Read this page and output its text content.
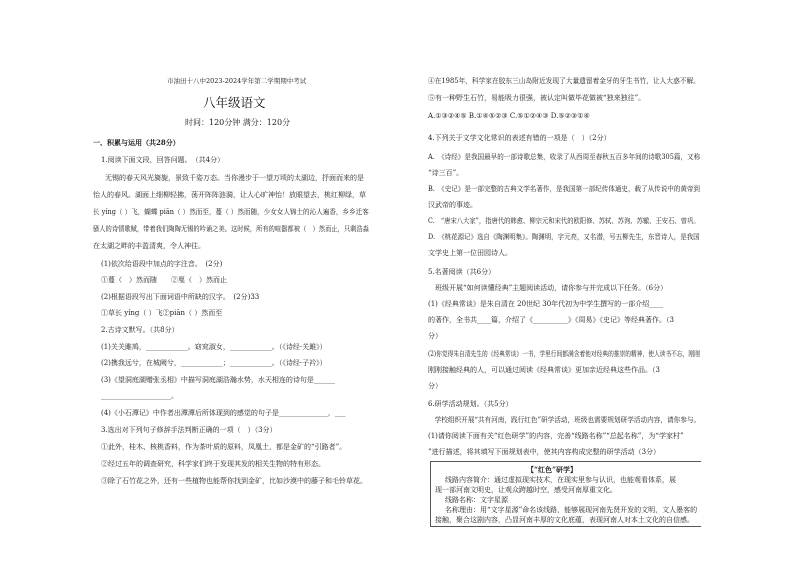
市油田十八中2023-2024学年第二学期期中考试
八年级语文
时间：120分钟 满分：120分
一、积累与运用（共28分）
1.阅读下面文段，回答问题。　（共4分）
无锡的春天风光旖旎，景致千姿万态。当你漫步于一望万顷的太湖边，抒面而来的是
怡人的春风。湖面上细柳轻拂，荡开阵阵涟漪，让人心旷神怡！放眼望去，桃红柳绿，草
长 yíng（ ）飞，蝴蝶 piān（ ）然而至，蔓（ ）然而随，少女女人锦土的沁人遍香，乡乡迁客
骚人的诗情歌赋，带着我们陶陶无锡的吟诵之美。这时候，所有的喧嚣都被（　）然而止，只剩浩淼
在太湖之畔的丰盈清爽，令人神往。
(1)依次给语段中加点的字注音。　(2分)
①蔓（　）然而随　　②戛（　）然而止
(2)根据语段写出下面词语中所缺的汉字。　(2分)33
①草长 yíng（ ）飞②piān（ ）然而至
2.古诗文默写。（共8分）
(1)关关雎鸠，____________。窈窕淑女，____________。（《诗经·关雎》）
(2)携我远兮，在城阙兮，____________；____________。（《诗经·子衿》）
(3)《望洞庭湖赠张丞相》中描写洞庭湖浩瀚水势，水天相连的诗句是______
____________________。
(4)《小石潭记》中作者出潭潭后所体现到的感觉的句子是______________，___
3.选出对下列句子修辞手法判断正确的一项（　）（3分）
①此外，桂木、核桃香料，作为茶叶质的原料，凤凰土，都是金矿的“引路者”。
②经过五年的调查研究，科学家们终于发现其发的相关生物的特有形态。
③除了石竹花之外，还有一些植物也能帮你找到金矿，比如沙漠中的藤子和毛铃草花。
④在1985年，科学家在胶东三山岛附近发现了大量遗留着金牙的牙生书竹，让人大惑不解。
⑤有一种野生石竹，易能吸力很强，被认定叫做毕花做被“独来独往”。
A.①③②④⑤ B.①④⑤②③ C.⑤①②④③ D.⑤②③①④
4.下列关于文学文化常识的表述有错的一项是（　）（2分）
A.　《诗经》是我国最早的一部诗歌总集，收录了从西周至春秋五百多年间的诗歌305篇，又称
“诗三百”。
B.　《史记》是一部完整的古典文学名著作，是我国第一部纪传体通史，载了从传说中的黄帝到
汉武帝的事迹。
C.　“唐宋八大家”，指唐代的韩愈、柳宗元和宋代的欧阳修、苏轼、苏洵、苏辙、王安石、曾巩。
D.　《桃花源记》选自《陶渊明集》。陶渊明，字元亮，又名潜，号五柳先生，东晋诗人，是我国
文学史上第一位田园诗人。
5.名著阅读（共6分）
　班级开展“如何读懂经典”主题阅读活动，请你参与并完成以下任务。（6分）
(1)《经典常谈》是朱自清在 20世纪 30年代初为中学生撰写的一部介绍____
的著作，全书共____篇，介绍了《__________》《周易》《史记》等经典著作。（3
分）
(2)你觉得朱自清先生的《经典常谈》一书，学里行间都满含着他对经典的推崇的精神，使人读书不忘，刚刚
刚刚接触经典的人，可以通过阅读《经典常谈》更加亲近经典这些作品。（3
分）
6.研学活动规划。（共5分）
　学校组织开展“共有河南，践行红色”研学活动，班级也需要规划研学活动内容，请你参与。
(1)请你阅读下面有关“红色研学”的内容，完善“线路名称”“总起名称”，为“学家村”
”进行描述，将其填写下面规划表中，使其内容构成完整的研学活动（3分）
【“红色”研学】
线路内容简介：通过虚拟现实技术，在现实里参与认识，也能观看体系，展
现一部河南文明史，让观众跨越时空，感受河南厚重文化。
线路名称：文字星源
名称理由：用“文字星源”命名该线路，能够展现河南先贤开发的文明，文人墨客的
接触，聚合这剧内容，凸显河南丰厚的文化底蕴，表现河南人对本土文化的自信感。
